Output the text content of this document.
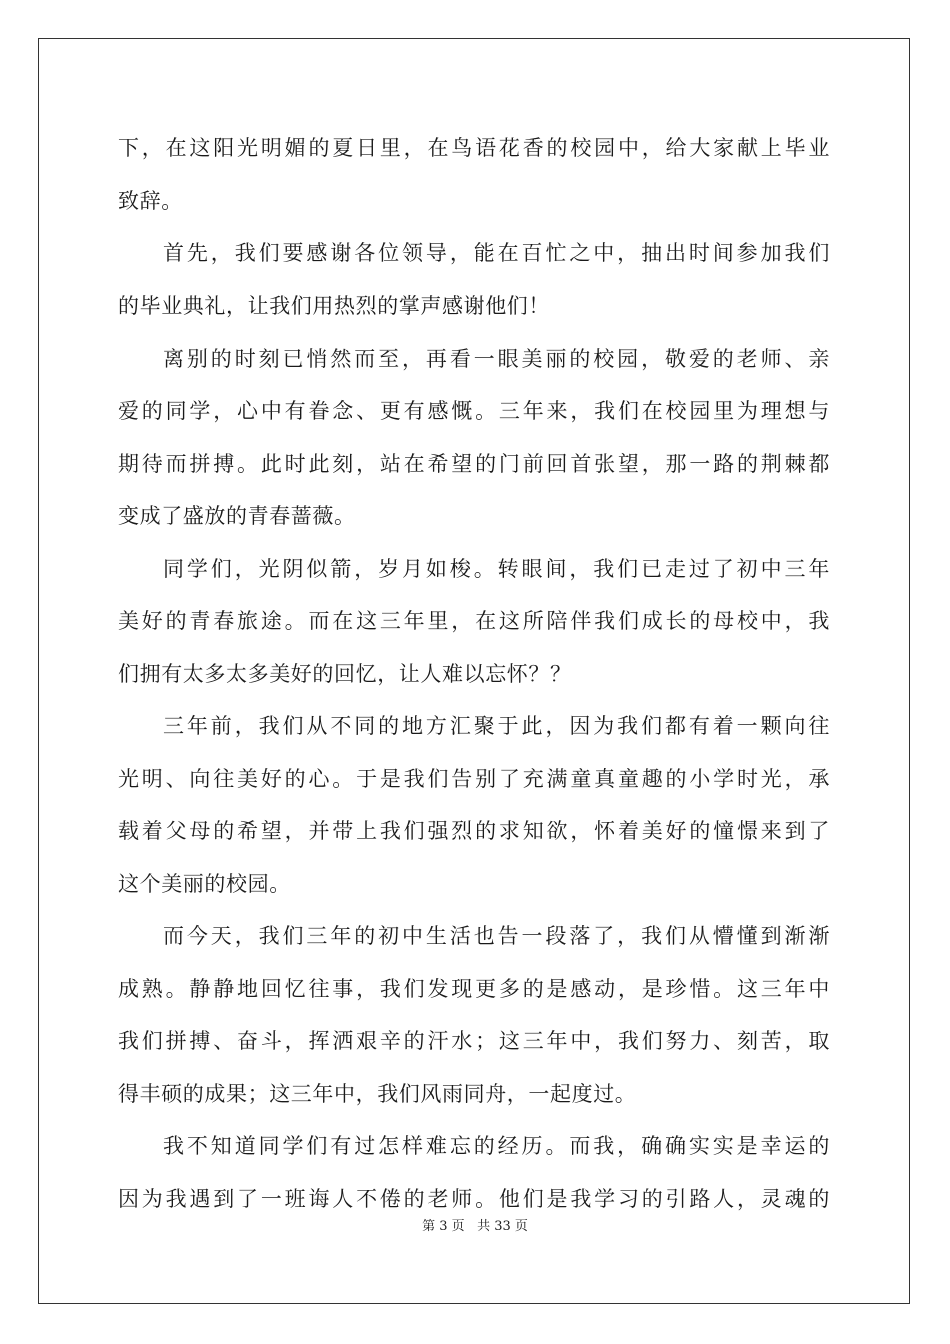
下，在这阳光明媚的夏日里，在鸟语花香的校园中，给大家献上毕业
致辞。
首先，我们要感谢各位领导，能在百忙之中，抽出时间参加我们
的毕业典礼，让我们用热烈的掌声感谢他们！
离别的时刻已悄然而至，再看一眼美丽的校园，敬爱的老师、亲
爱的同学，心中有眷念、更有感慨。三年来，我们在校园里为理想与
期待而拼搏。此时此刻，站在希望的门前回首张望，那一路的荆棘都
变成了盛放的青春蔷薇。
同学们，光阴似箭，岁月如梭。转眼间，我们已走过了初中三年
美好的青春旅途。而在这三年里，在这所陪伴我们成长的母校中，我
们拥有太多太多美好的回忆，让人难以忘怀？？
三年前，我们从不同的地方汇聚于此，因为我们都有着一颗向往
光明、向往美好的心。于是我们告别了充满童真童趣的小学时光，承
载着父母的希望，并带上我们强烈的求知欲，怀着美好的憧憬来到了
这个美丽的校园。
而今天，我们三年的初中生活也告一段落了，我们从懵懂到渐渐
成熟。静静地回忆往事，我们发现更多的是感动，是珍惜。这三年中
我们拼搏、奋斗，挥洒艰辛的汗水；这三年中，我们努力、刻苦，取
得丰硕的成果；这三年中，我们风雨同舟，一起度过。
我不知道同学们有过怎样难忘的经历。而我，确确实实是幸运的
因为我遇到了一班诲人不倦的老师。他们是我学习的引路人，灵魂的
第 3 页 共 33 页
